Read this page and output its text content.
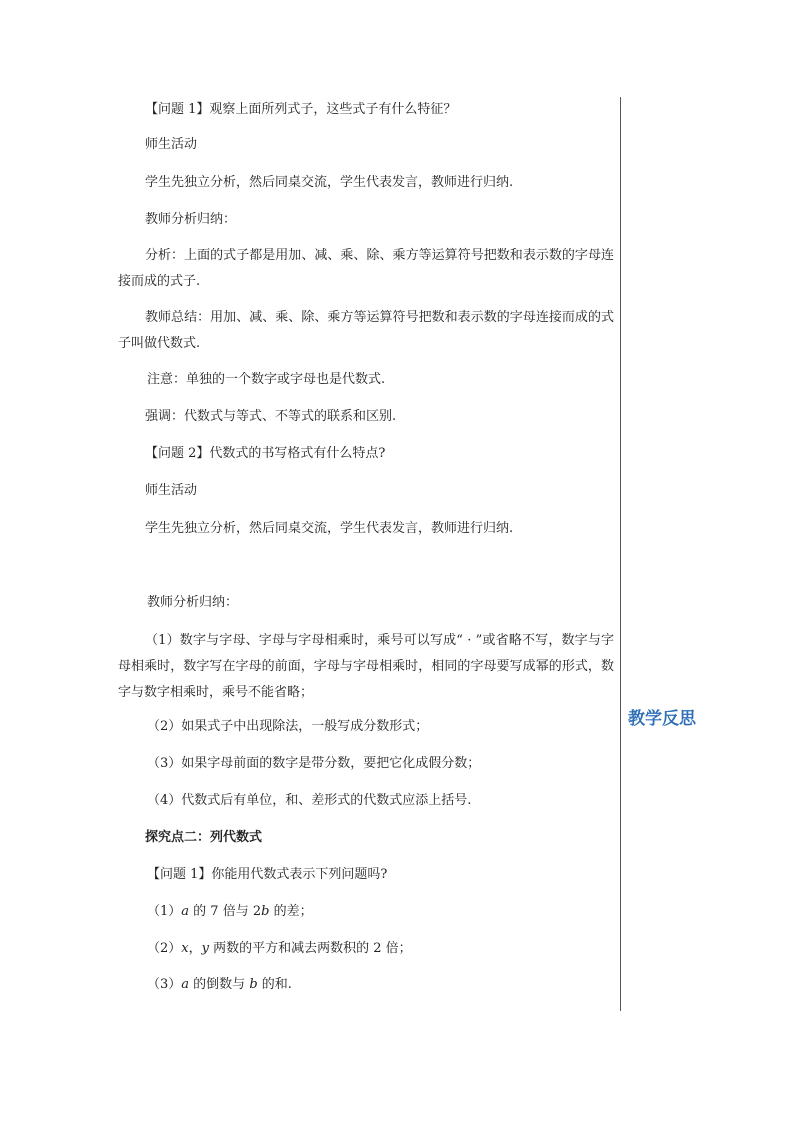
【问题 1】观察上面所列式子，这些式子有什么特征？
师生活动
学生先独立分析，然后同桌交流，学生代表发言，教师进行归纳.
教师分析归纳：
分析：上面的式子都是用加、减、乘、除、乘方等运算符号把数和表示数的字母连接而成的式子.
教师总结：用加、减、乘、除、乘方等运算符号把数和表示数的字母连接而成的式子叫做代数式.
注意：单独的一个数字或字母也是代数式.
强调：代数式与等式、不等式的联系和区别.
【问题 2】代数式的书写格式有什么特点?
师生活动
学生先独立分析，然后同桌交流，学生代表发言，教师进行归纳.
教师分析归纳：
（1）数字与字母、字母与字母相乘时，乘号可以写成“ · ”或省略不写，数字与字母相乘时，数字写在字母的前面，字母与字母相乘时，相同的字母要写成幂的形式，数字与数字相乘时，乘号不能省略；
（2）如果式子中出现除法，一般写成分数形式；
（3）如果字母前面的数字是带分数，要把它化成假分数；
（4）代数式后有单位，和、差形式的代数式应添上括号.
探究点二：列代数式
【问题 1】你能用代数式表示下列问题吗?
（1）a 的 7 倍与 2b 的差；
（2）x，y 两数的平方和减去两数积的 2 倍；
（3）a 的倒数与 b 的和.
教学反思
